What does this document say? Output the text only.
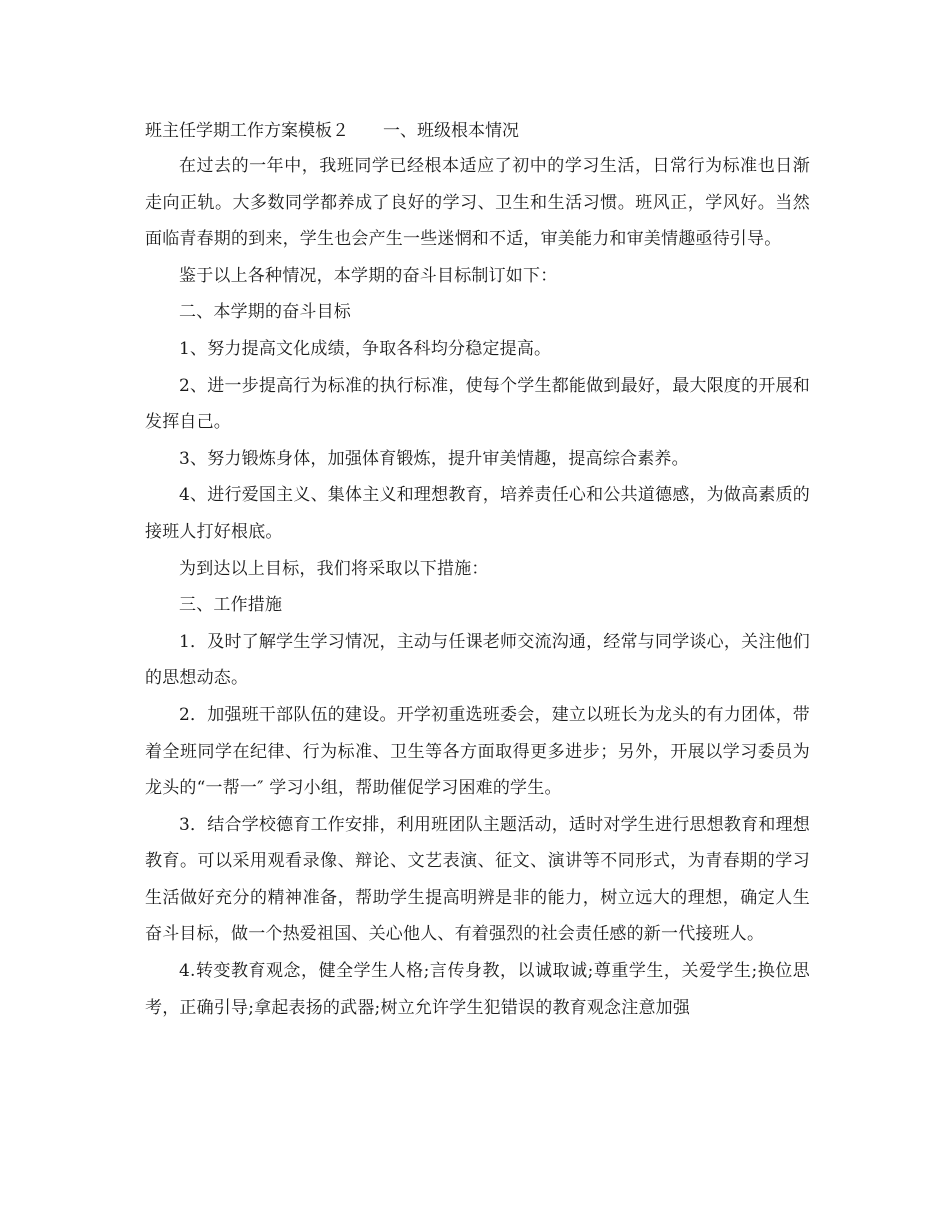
班主任学期工作方案模板２ 一、班级根本情况

在过去的一年中，我班同学已经根本适应了初中的学习生活，日常行为标准也日渐走向正轨。大多数同学都养成了良好的学习、卫生和生活习惯。班风正，学风好。当然面临青春期的到来，学生也会产生一些迷惘和不适，审美能力和审美情趣亟待引导。

鉴于以上各种情况，本学期的奋斗目标制订如下：

二、本学期的奋斗目标

1、努力提高文化成绩，争取各科均分稳定提高。

2、进一步提高行为标准的执行标准，使每个学生都能做到最好，最大限度的开展和发挥自己。

3、努力锻炼身体，加强体育锻炼，提升审美情趣，提高综合素养。

4、进行爱国主义、集体主义和理想教育，培养责任心和公共道德感，为做高素质的接班人打好根底。

为到达以上目标，我们将采取以下措施：

三、工作措施

1．及时了解学生学习情况，主动与任课老师交流沟通，经常与同学谈心，关注他们的思想动态。

2．加强班干部队伍的建设。开学初重选班委会，建立以班长为龙头的有力团体，带着全班同学在纪律、行为标准、卫生等各方面取得更多进步；另外，开展以学习委员为龙头的“一帮一″ 学习小组，帮助催促学习困难的学生。

3．结合学校德育工作安排，利用班团队主题活动，适时对学生进行思想教育和理想教育。可以采用观看录像、辩论、文艺表演、征文、演讲等不同形式，为青春期的学习生活做好充分的精神准备，帮助学生提高明辨是非的能力，树立远大的理想，确定人生奋斗目标，做一个热爱祖国、关心他人、有着强烈的社会责任感的新一代接班人。

4.转变教育观念，健全学生人格;言传身教，以诚取诚;尊重学生，关爱学生;换位思考，正确引导;拿起表扬的武器;树立允许学生犯错误的教育观念注意加强
